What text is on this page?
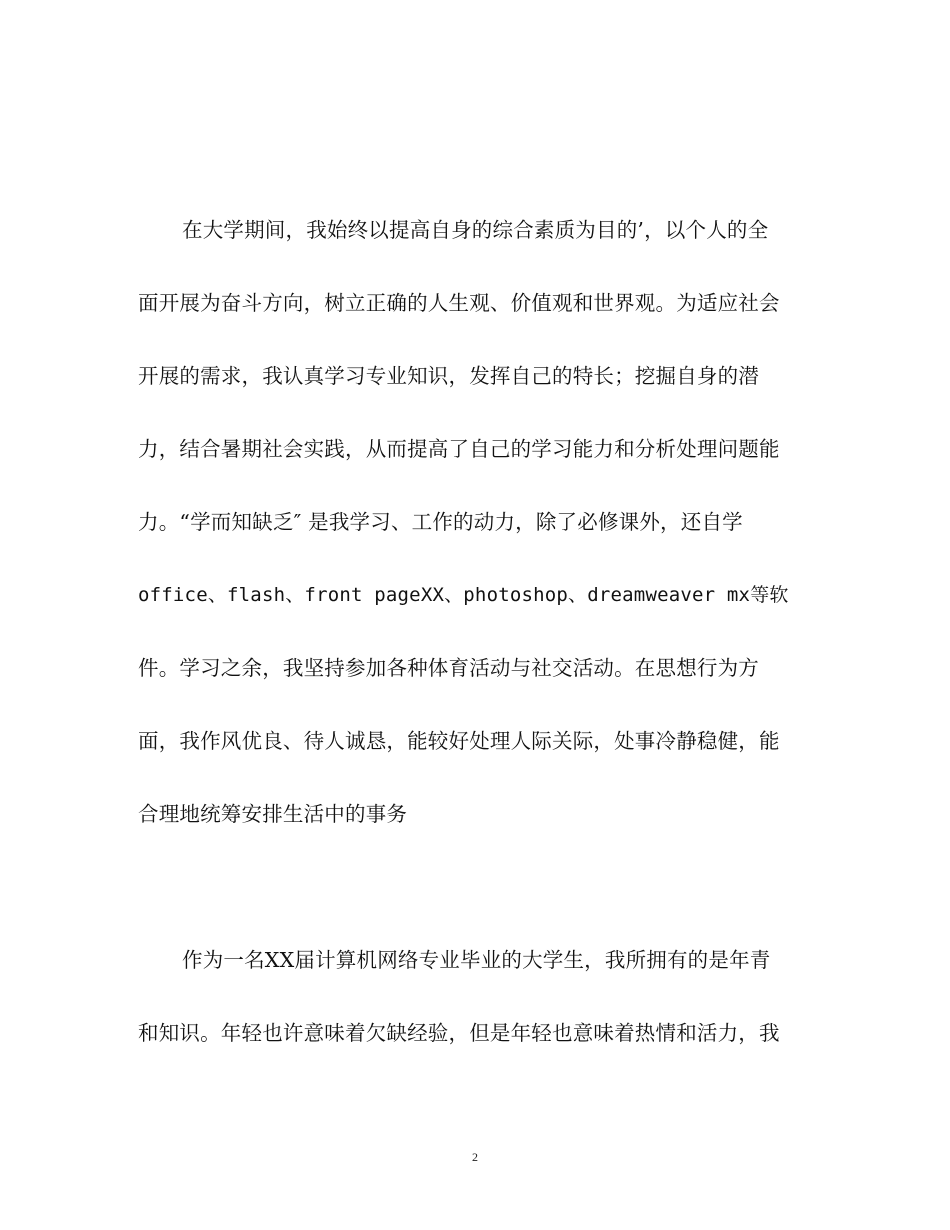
在大学期间，我始终以提高自身的综合素质为目的’，以个人的全
面开展为奋斗方向，树立正确的人生观、价值观和世界观。为适应社会
开展的需求，我认真学习专业知识，发挥自己的特长；挖掘自身的潜
力，结合暑期社会实践，从而提高了自己的学习能力和分析处理问题能
力。“学而知缺乏″ 是我学习、工作的动力，除了必修课外，还自学
office、flash、front pageXX、photoshop、dreamweaver mx等软
件。学习之余，我坚持参加各种体育活动与社交活动。在思想行为方
面，我作风优良、待人诚恳，能较好处理人际关际，处事冷静稳健，能
合理地统筹安排生活中的事务
作为一名XX届计算机网络专业毕业的大学生，我所拥有的是年青
和知识。年轻也许意味着欠缺经验，但是年轻也意味着热情和活力，我
2
